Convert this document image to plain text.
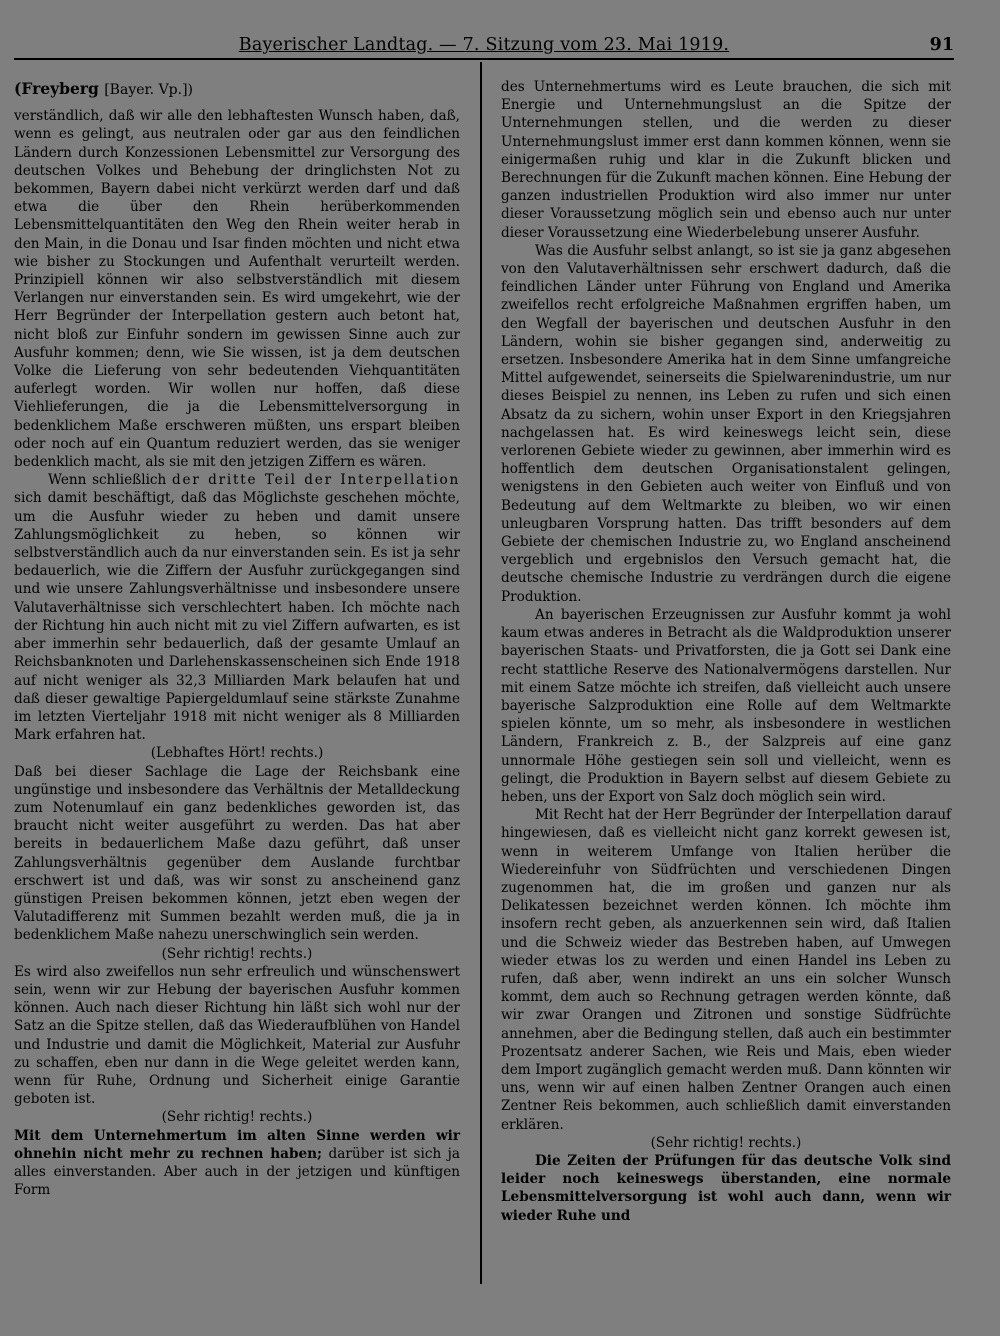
Bayerischer Landtag. — 7. Sitzung vom 23. Mai 1919.	91
(Freyberg [Bayer. Vp.])

verständlich, daß wir alle den lebhaftesten Wunsch haben, daß, wenn es gelingt, aus neutralen oder gar aus den feindlichen Ländern durch Konzessionen Lebensmittel zur Versorgung des deutschen Volkes und Behebung der dringlichsten Not zu bekommen, Bayern dabei nicht verkürzt werden darf und daß etwa die über den Rhein herüberkommenden Lebensmittelquantitäten den Weg den Rhein weiter herab in den Main, in die Donau und Isar finden möchten und nicht etwa wie bisher zu Stockungen und Aufenthalt verurteilt werden. Prinzipiell können wir also selbstverständlich mit diesem Verlangen nur einverstanden sein. Es wird umgekehrt, wie der Herr Begründer der Interpellation gestern auch betont hat, nicht bloß zur Einfuhr sondern im gewissen Sinne auch zur Ausfuhr kommen; denn, wie Sie wissen, ist ja dem deutschen Volke die Lieferung von sehr bedeutenden Viehquantitäten auferlegt worden. Wir wollen nur hoffen, daß diese Viehlieferungen, die ja die Lebensmittelversorgung in bedenklichem Maße erschweren müßten, uns erspart bleiben oder noch auf ein Quantum reduziert werden, das sie weniger bedenklich macht, als sie mit den jetzigen Ziffern es wären.

Wenn schließlich der dritte Teil der Interpellation sich damit beschäftigt, daß das Möglichste geschehen möchte, um die Ausfuhr wieder zu heben und damit unsere Zahlungsmöglichkeit zu heben, so können wir selbstverständlich auch da nur einverstanden sein. Es ist ja sehr bedauerlich, wie die Ziffern der Ausfuhr zurückgegangen sind und wie unsere Zahlungsverhältnisse und insbesondere unsere Valutaverhältnisse sich verschlechtert haben. Ich möchte nach der Richtung hin auch nicht mit zu viel Ziffern aufwarten, es ist aber immerhin sehr bedauerlich, daß der gesamte Umlauf an Reichsbanknoten und Darlehenskassenscheinen sich Ende 1918 auf nicht weniger als 32,3 Milliarden Mark belaufen hat und daß dieser gewaltige Papiergeldumlauf seine stärkste Zunahme im letzten Vierteljahr 1918 mit nicht weniger als 8 Milliarden Mark erfahren hat.

(Lebhaftes Hört! rechts.)

Daß bei dieser Sachlage die Lage der Reichsbank eine ungünstige und insbesondere das Verhältnis der Metalldeckung zum Notenumlauf ein ganz bedenkliches geworden ist, das braucht nicht weiter ausgeführt zu werden. Das hat aber bereits in bedauerlichem Maße dazu geführt, daß unser Zahlungsverhältnis gegenüber dem Auslande furchtbar erschwert ist und daß, was wir sonst zu anscheinend ganz günstigen Preisen bekommen können, jetzt eben wegen der Valutadifferenz mit Summen bezahlt werden muß, die ja in bedenklichem Maße nahezu unerschwinglich sein werden.

(Sehr richtig! rechts.)

Es wird also zweifellos nun sehr erfreulich und wünschenswert sein, wenn wir zur Hebung der bayerischen Ausfuhr kommen können. Auch nach dieser Richtung hin läßt sich wohl nur der Satz an die Spitze stellen, daß das Wiederaufblühen von Handel und Industrie und damit die Möglichkeit, Material zur Ausfuhr zu schaffen, eben nur dann in die Wege geleitet werden kann, wenn für Ruhe, Ordnung und Sicherheit einige Garantie geboten ist.

(Sehr richtig! rechts.)

Mit dem Unternehmertum im alten Sinne werden wir ohnehin nicht mehr zu rechnen haben; darüber ist sich ja alles einverstanden. Aber auch in der jetzigen und künftigen Form

des Unternehmertums wird es Leute brauchen, die sich mit Energie und Unternehmungslust an die Spitze der Unternehmungen stellen, und die werden zu dieser Unternehmungslust immer erst dann kommen können, wenn sie einigermaßen ruhig und klar in die Zukunft blicken und Berechnungen für die Zukunft machen können. Eine Hebung der ganzen industriellen Produktion wird also immer nur unter dieser Voraussetzung möglich sein und ebenso auch nur unter dieser Voraussetzung eine Wiederbelebung unserer Ausfuhr.

Was die Ausfuhr selbst anlangt, so ist sie ja ganz abgesehen von den Valutaverhältnissen sehr erschwert dadurch, daß die feindlichen Länder unter Führung von England und Amerika zweifellos recht erfolgreiche Maßnahmen ergriffen haben, um den Wegfall der bayerischen und deutschen Ausfuhr in den Ländern, wohin sie bisher gegangen sind, anderweitig zu ersetzen. Insbesondere Amerika hat in dem Sinne umfangreiche Mittel aufgewendet, seinerseits die Spielwarenindustrie, um nur dieses Beispiel zu nennen, ins Leben zu rufen und sich einen Absatz da zu sichern, wohin unser Export in den Kriegsjahren nachgelassen hat. Es wird keineswegs leicht sein, diese verlorenen Gebiete wieder zu gewinnen, aber immerhin wird es hoffentlich dem deutschen Organisationstalent gelingen, wenigstens in den Gebieten auch weiter von Einfluß und von Bedeutung auf dem Weltmarkte zu bleiben, wo wir einen unleugbaren Vorsprung hatten. Das trifft besonders auf dem Gebiete der chemischen Industrie zu, wo England anscheinend vergeblich und ergebnislos den Versuch gemacht hat, die deutsche chemische Industrie zu verdrängen durch die eigene Produktion.

An bayerischen Erzeugnissen zur Ausfuhr kommt ja wohl kaum etwas anderes in Betracht als die Waldproduktion unserer bayerischen Staats- und Privatforsten, die ja Gott sei Dank eine recht stattliche Reserve des Nationalvermögens darstellen. Nur mit einem Satze möchte ich streifen, daß vielleicht auch unsere bayerische Salzproduktion eine Rolle auf dem Weltmarkte spielen könnte, um so mehr, als insbesondere in westlichen Ländern, Frankreich z. B., der Salzpreis auf eine ganz unnormale Höhe gestiegen sein soll und vielleicht, wenn es gelingt, die Produktion in Bayern selbst auf diesem Gebiete zu heben, uns der Export von Salz doch möglich sein wird.

Mit Recht hat der Herr Begründer der Interpellation darauf hingewiesen, daß es vielleicht nicht ganz korrekt gewesen ist, wenn in weiterem Umfange von Italien herüber die Wiedereinfuhr von Südfrüchten und verschiedenen Dingen zugenommen hat, die im großen und ganzen nur als Delikatessen bezeichnet werden können. Ich möchte ihm insofern recht geben, als anzuerkennen sein wird, daß Italien und die Schweiz wieder das Bestreben haben, auf Umwegen wieder etwas los zu werden und einen Handel ins Leben zu rufen, daß aber, wenn indirekt an uns ein solcher Wunsch kommt, dem auch so Rechnung getragen werden könnte, daß wir zwar Orangen und Zitronen und sonstige Südfrüchte annehmen, aber die Bedingung stellen, daß auch ein bestimmter Prozentsatz anderer Sachen, wie Reis und Mais, eben wieder dem Import zugänglich gemacht werden muß. Dann könnten wir uns, wenn wir auf einen halben Zentner Orangen auch einen Zentner Reis bekommen, auch schließlich damit einverstanden erklären.

(Sehr richtig! rechts.)

Die Zeiten der Prüfungen für das deutsche Volk sind leider noch keineswegs überstanden, eine normale Lebensmittelversorgung ist wohl auch dann, wenn wir wieder Ruhe und
